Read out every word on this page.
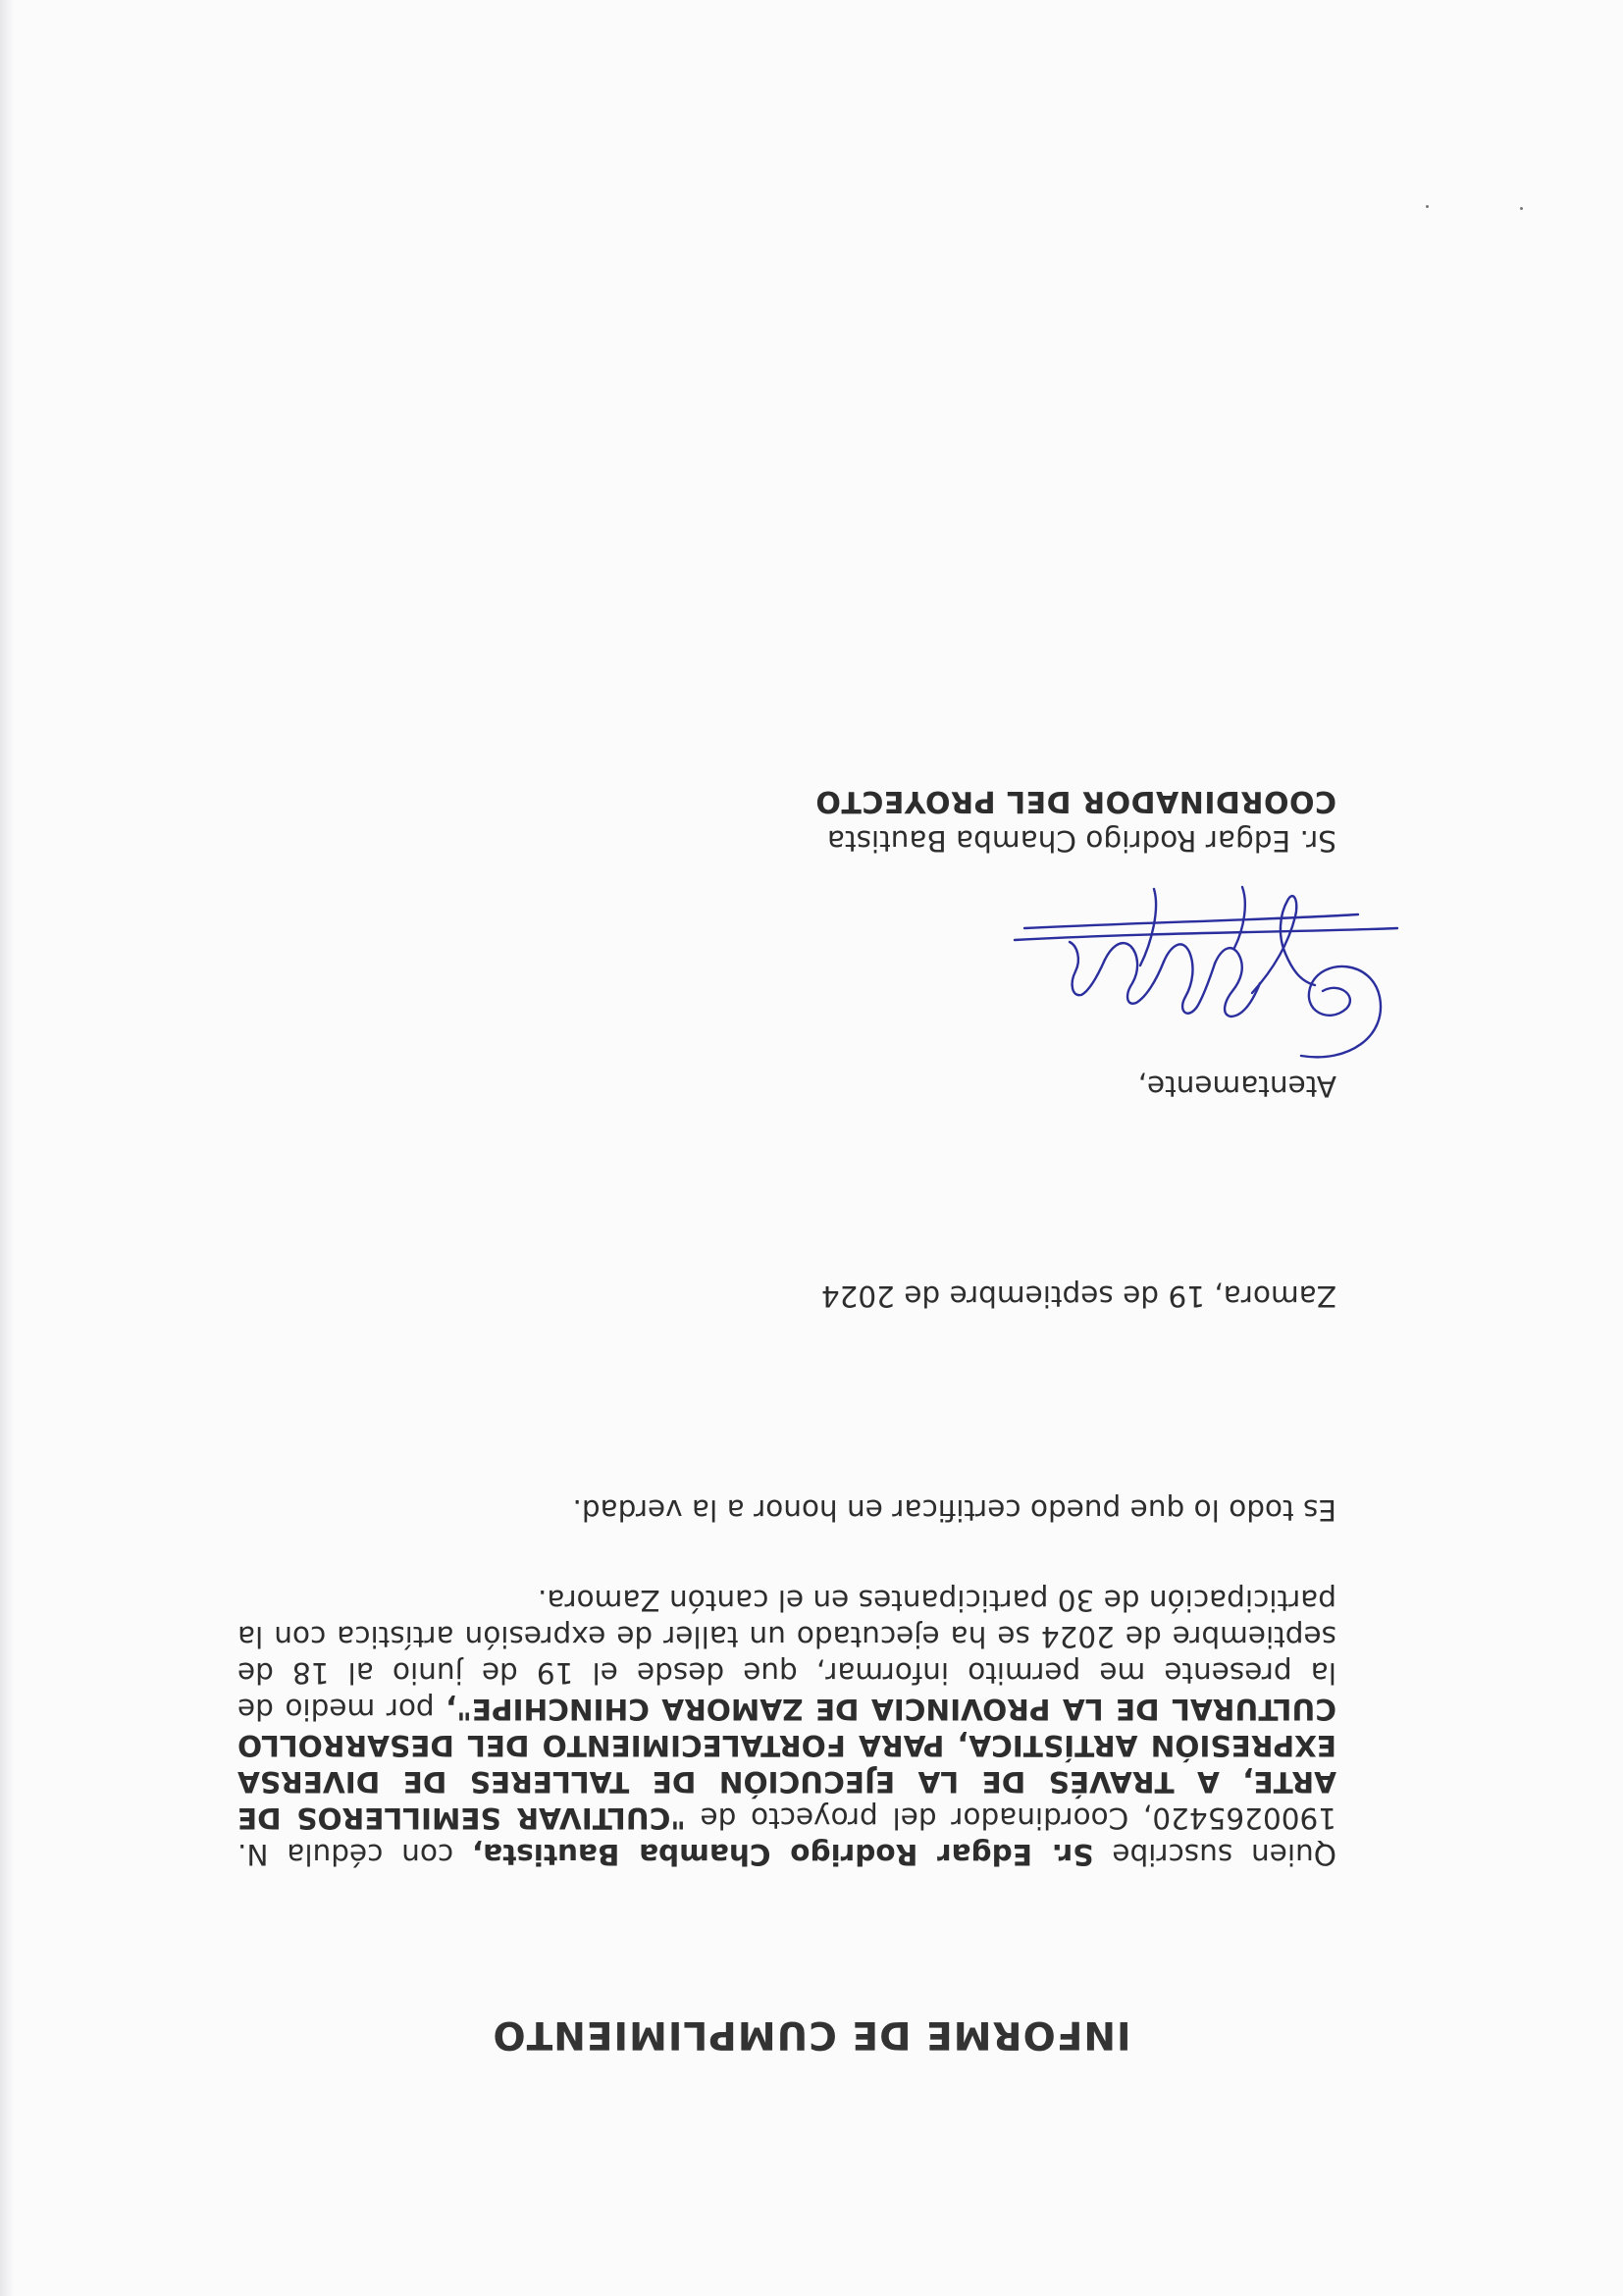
INFORME DE CUMPLIMIENTO
Quien suscribe Sr. Edgar Rodrigo Chamba Bautista, con cédula N. 1900265420, Coordinador del proyecto de "CULTIVAR SEMILLEROS DE ARTE, A TRAVÉS DE LA EJECUCIÓN DE TALLERES DE DIVERSA EXPRESIÓN ARTÍSTICA, PARA FORTALECIMIENTO DEL DESARROLLO CULTURAL DE LA PROVINCIA DE ZAMORA CHINCHIPE", por medio de la presente me permito informar, que desde el 19 de junio al 18 de septiembre de 2024 se ha ejecutado un taller de expresión artística con la participación de 30 participantes en el cantón Zamora.
Es todo lo que puedo certificar en honor a la verdad.
Zamora, 19 de septiembre de 2024
Atentamente,
Sr. Edgar Rodrigo Chamba Bautista
COORDINADOR DEL PROYECTO
